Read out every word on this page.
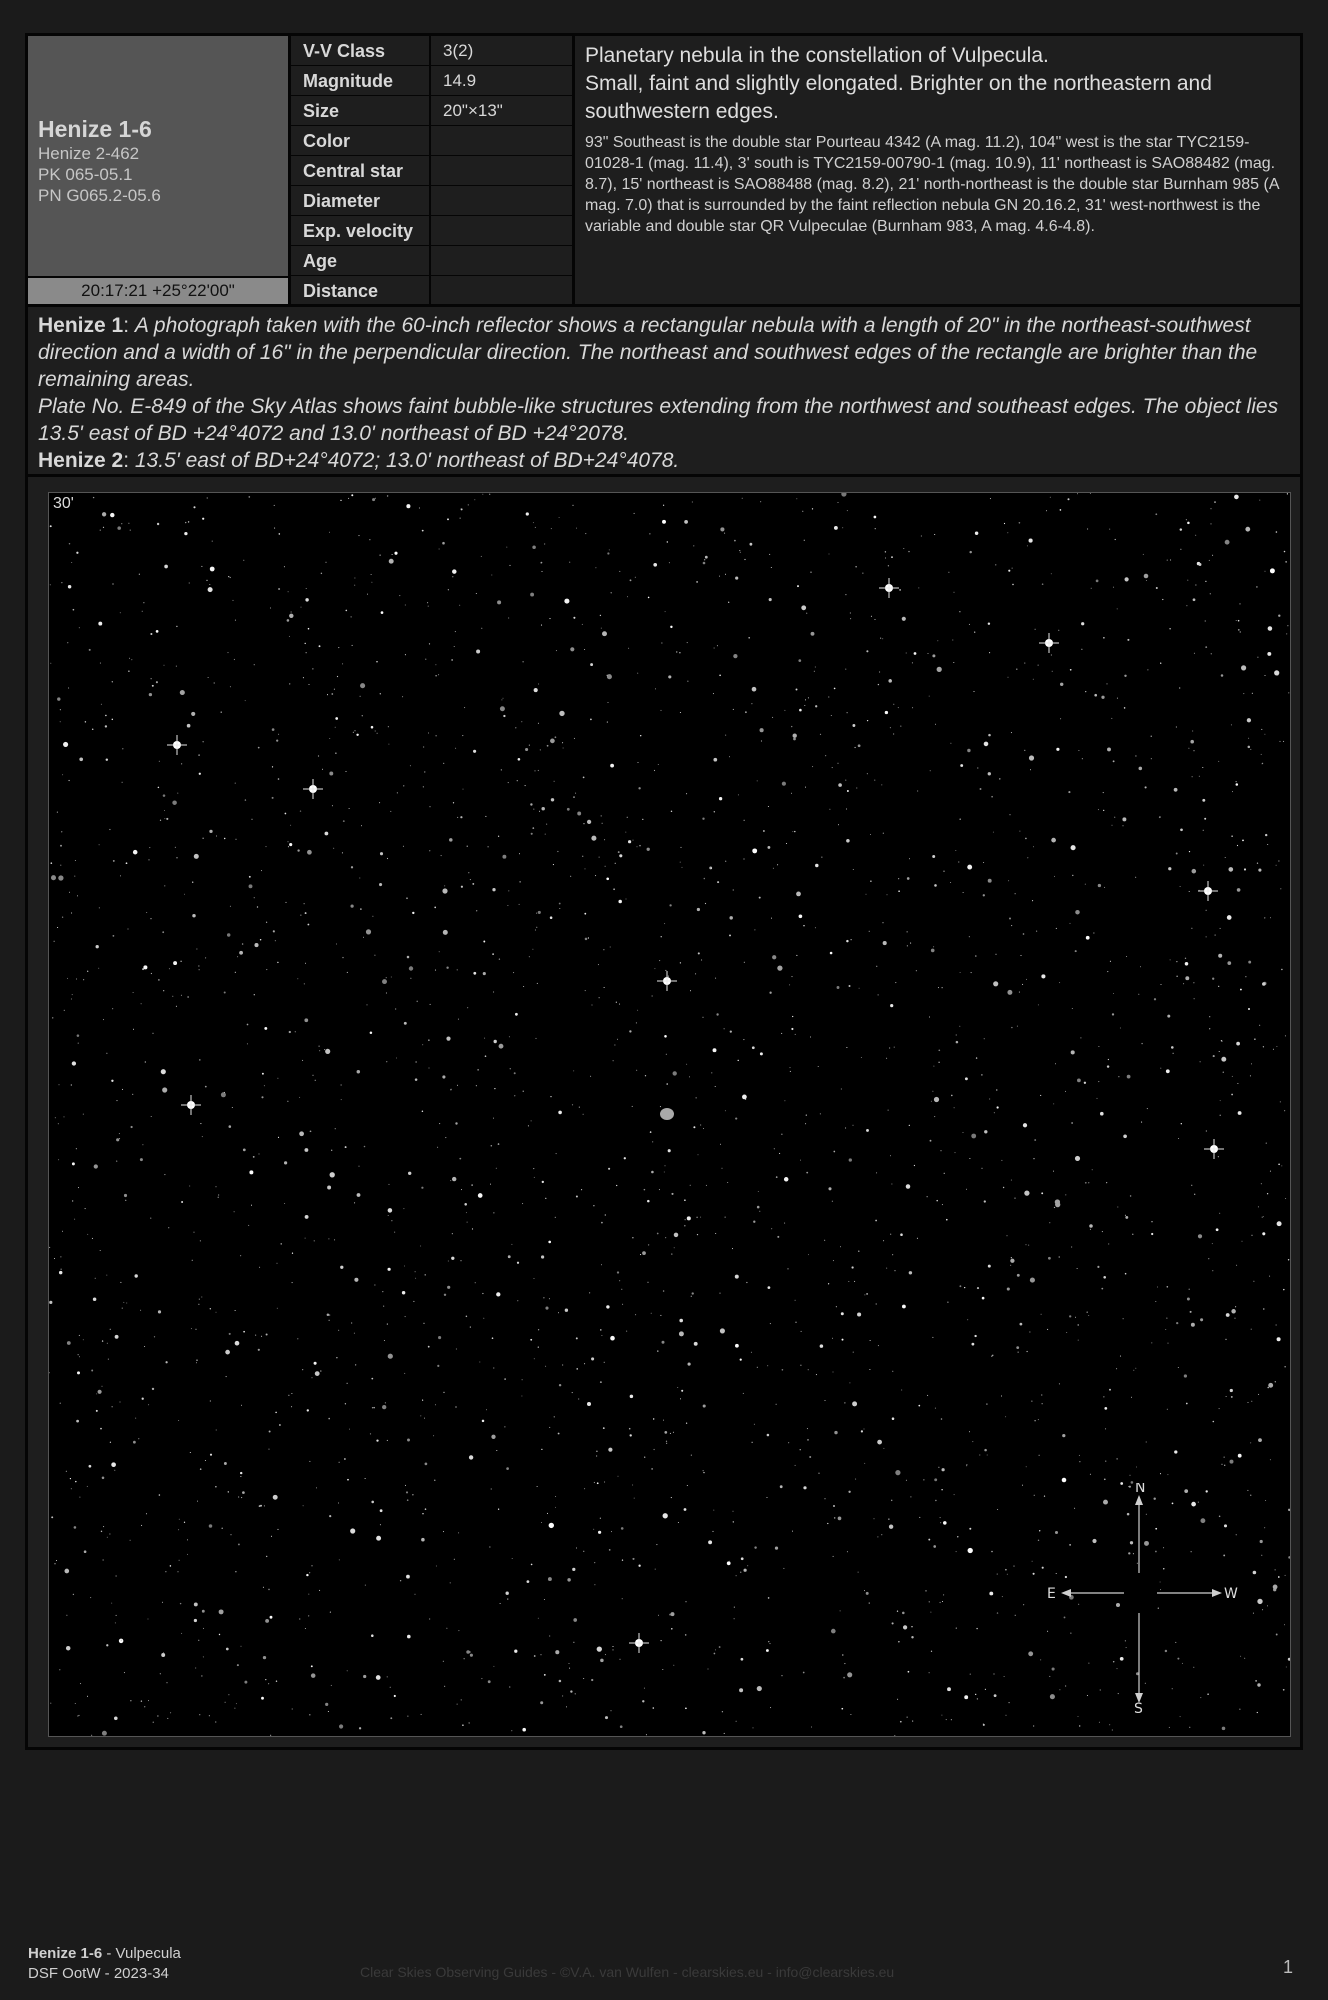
Henize 1-6
Henize 2-462
PK 065-05.1
PN G065.2-05.6
20:17:21 +25°22'00"
V-V Class	3(2)
Magnitude	14.9
Size	20"×13"
Color
Central star
Diameter
Exp. velocity
Age
Distance

Planetary nebula in the constellation of Vulpecula.

Small, faint and slightly elongated. Brighter on the northeastern and southwestern edges.

93" Southeast is the double star Pourteau 4342 (A mag. 11.2), 104" west is the star TYC2159-01028-1 (mag. 11.4), 3' south is TYC2159-00790-1 (mag. 10.9), 11' northeast is SAO88482 (mag. 8.7), 15' northeast is SAO88488 (mag. 8.2), 21' north-northeast is the double star Burnham 985 (A mag. 7.0) that is surrounded by the faint reflection nebula GN 20.16.2, 31' west-northwest is the variable and double star QR Vulpeculae (Burnham 983, A mag. 4.6-4.8).

Henize 1: A photograph taken with the 60-inch reflector shows a rectangular nebula with a length of 20" in the northeast-southwest direction and a width of 16" in the perpendicular direction. The northeast and southwest edges of the rectangle are brighter than the remaining areas.
Plate No. E-849 of the Sky Atlas shows faint bubble-like structures extending from the northwest and southeast edges. The object lies 13.5' east of BD +24°4072 and 13.0' northeast of BD +24°2078.
Henize 2: 13.5' east of BD+24°4072; 13.0' northeast of BD+24°4078.
30'
N
S
E	W
Henize 1-6 - Vulpecula
DSF OotW - 2023-34	Clear Skies Observing Guides - ©V.A. van Wulfen - clearskies.eu - info@clearskies.eu	1
